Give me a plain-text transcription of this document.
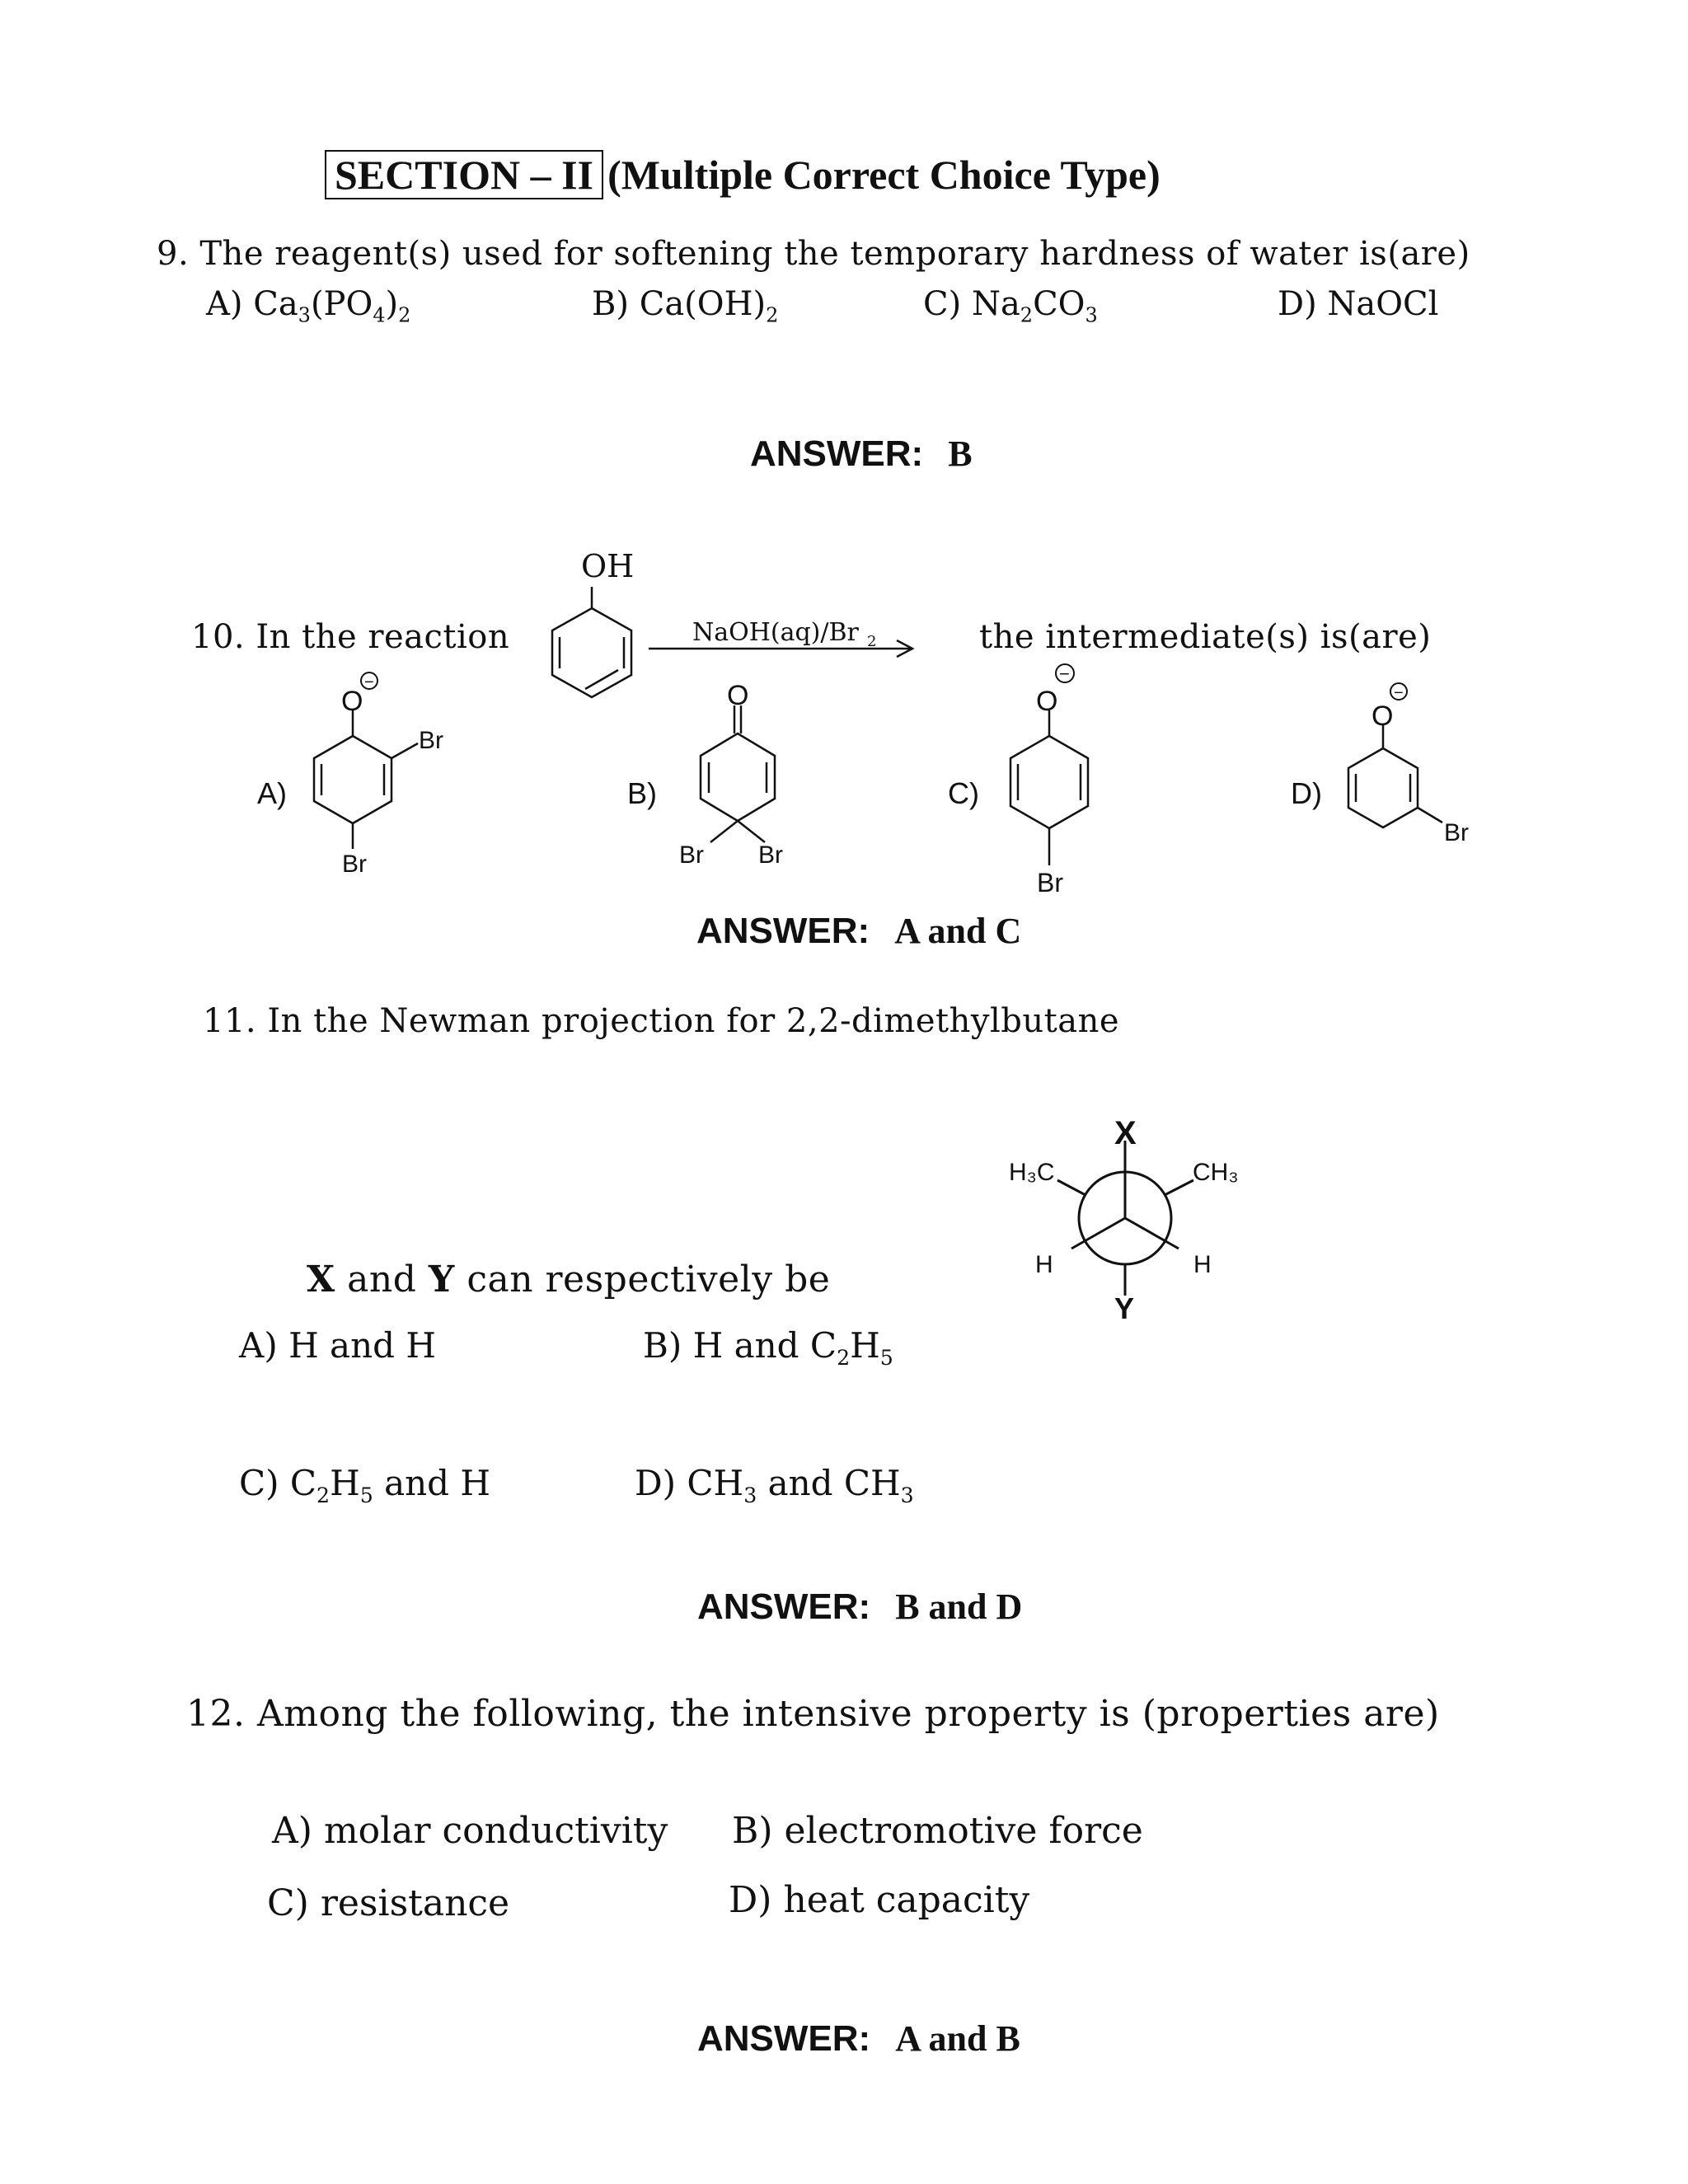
SECTION – II (Multiple Correct Choice Type)
9. The reagent(s) used for softening the temporary hardness of water is(are)
A) $Ca_3(PO_4)_2$	B) $Ca(OH)_2$	C) $Na_2CO_3$	D) NaOCl
ANSWER: B
10. In the reaction	the intermediate(s) is(are)
OH
NaOH(aq)/Br 2
A)	B)	C)	D)
O
−
Br
Br
O
Br Br
O
−
Br
O
−
Br
ANSWER: A and C
11. In the Newman projection for 2,2-dimethylbutane
X
H₃C	CH₃
H	H
Y
X and Y can respectively be
A) H and H	B) H and $C_2H_5$
C) $C_2H_5$ and H	D) $CH_3$ and $CH_3$
ANSWER: B and D
12. Among the following, the intensive property is (properties are)
A) molar conductivity B) electromotive force
C) resistance	D) heat capacity
ANSWER: A and B
